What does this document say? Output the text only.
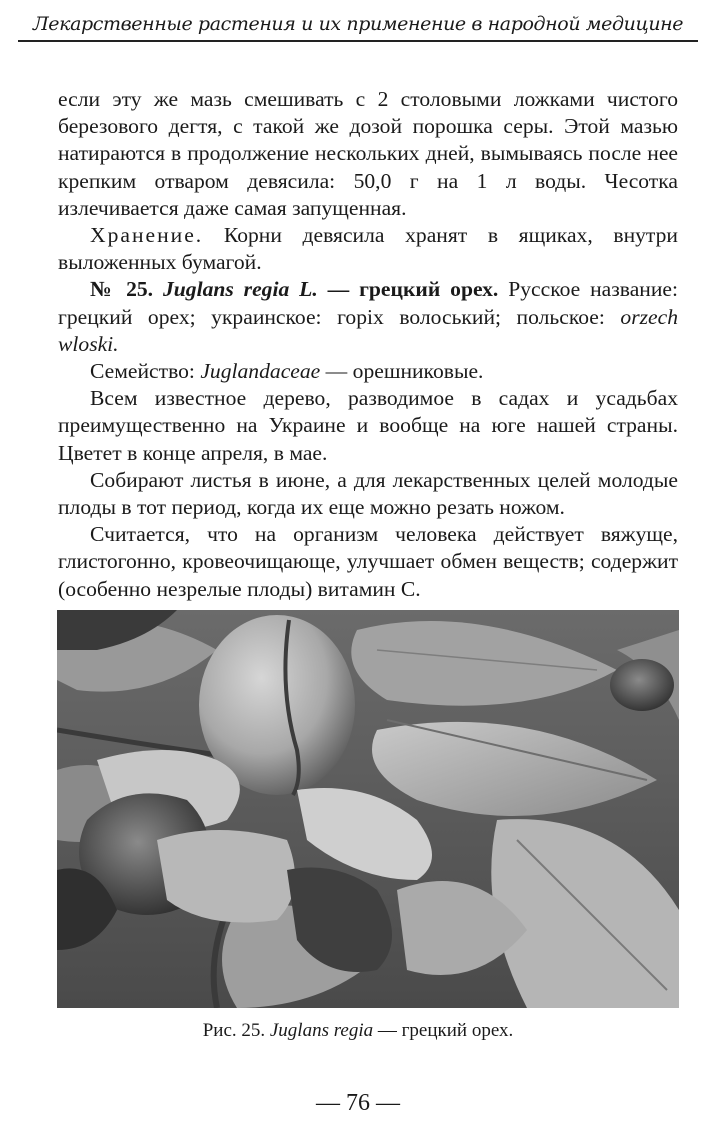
Лекарственные растения и их применение в народной медицине

если эту же мазь смешивать с 2 столовыми ложками чистого березового дегтя, с такой же дозой порошка серы. Этой мазью натираются в продолжение нескольких дней, вымываясь после нее крепким отваром девясила: 50,0 г на 1 л воды. Чесотка излечивается даже самая запущенная.

Хранение. Корни девясила хранят в ящиках, внутри выложенных бумагой.

№ 25. Juglans regia L. — грецкий орех. Русское название: грецкий орех; украинское: горіх волоський; польское: orzech wloski.

Семейство: Juglandaceae — орешниковые.

Всем известное дерево, разводимое в садах и усадьбах преимущественно на Украине и вообще на юге нашей страны. Цветет в конце апреля, в мае.

Собирают листья в июне, а для лекарственных целей молодые плоды в тот период, когда их еще можно резать ножом.

Считается, что на организм человека действует вяжуще, глистогонно, кровеочищающе, улучшает обмен веществ; содержит (особенно незрелые плоды) витамин С.

Рис. 25. Juglans regia — грецкий орех.
— 76 —
